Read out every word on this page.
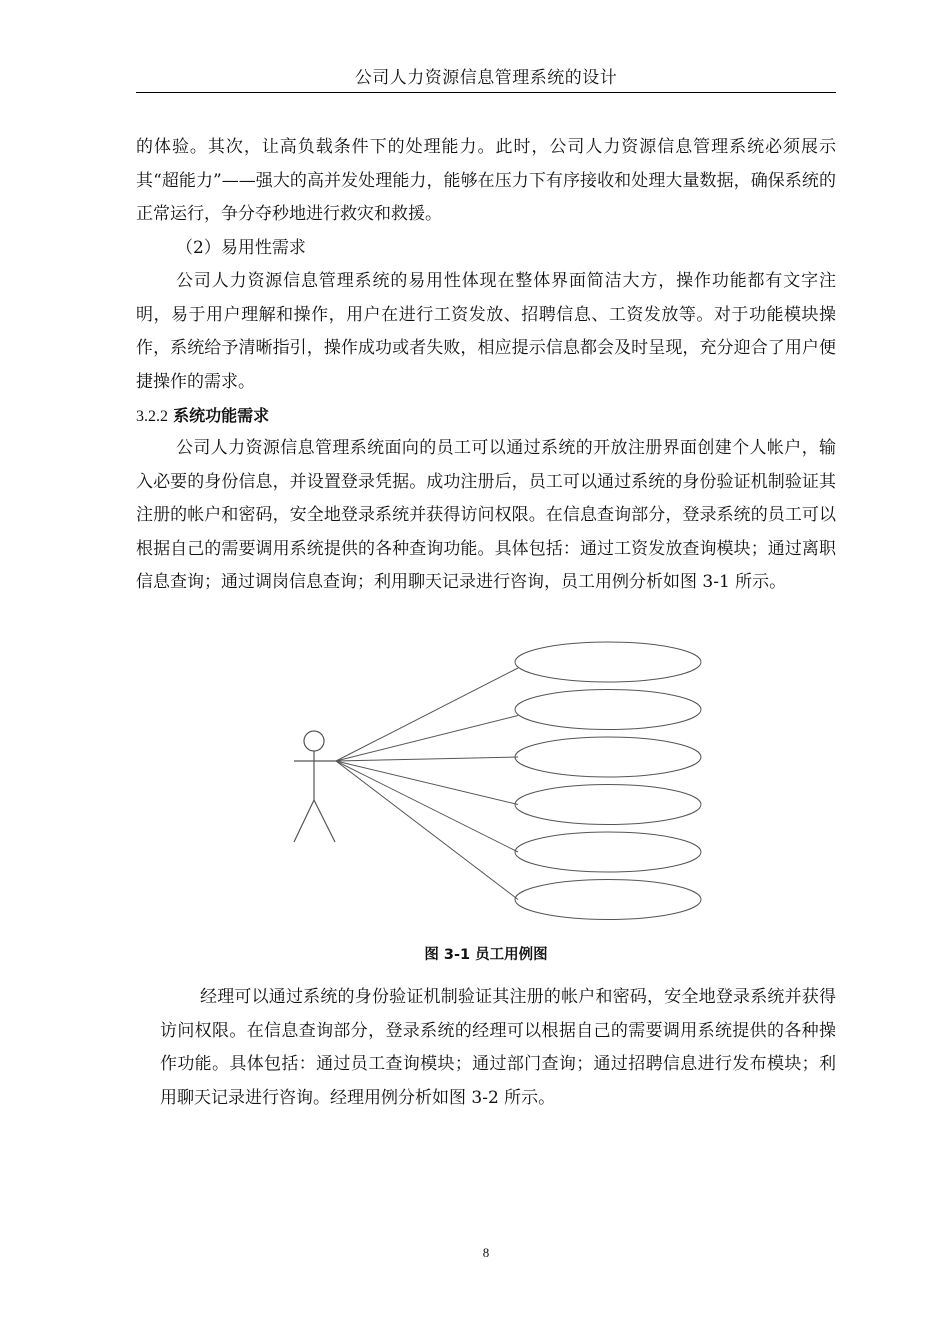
公司人力资源信息管理系统的设计

的体验。其次，让高负载条件下的处理能力。此时，公司人力资源信息管理系统必须展示其“超能力”——强大的高并发处理能力，能够在压力下有序接收和处理大量数据，确保系统的正常运行，争分夺秒地进行救灾和救援。

（2）易用性需求

公司人力资源信息管理系统的易用性体现在整体界面简洁大方，操作功能都有文字注明，易于用户理解和操作，用户在进行工资发放、招聘信息、工资发放等。对于功能模块操作，系统给予清晰指引，操作成功或者失败，相应提示信息都会及时呈现，充分迎合了用户便捷操作的需求。

3.2.2 系统功能需求

公司人力资源信息管理系统面向的员工可以通过系统的开放注册界面创建个人帐户，输入必要的身份信息，并设置登录凭据。成功注册后，员工可以通过系统的身份验证机制验证其注册的帐户和密码，安全地登录系统并获得访问权限。在信息查询部分，登录系统的员工可以根据自己的需要调用系统提供的各种查询功能。具体包括：通过工资发放查询模块；通过离职信息查询；通过调岗信息查询；利用聊天记录进行咨询，员工用例分析如图 3-1 所示。

图 3-1 员工用例图

经理可以通过系统的身份验证机制验证其注册的帐户和密码，安全地登录系统并获得访问权限。在信息查询部分，登录系统的经理可以根据自己的需要调用系统提供的各种操作功能。具体包括：通过员工查询模块；通过部门查询；通过招聘信息进行发布模块；利用聊天记录进行咨询。经理用例分析如图 3-2 所示。

8
